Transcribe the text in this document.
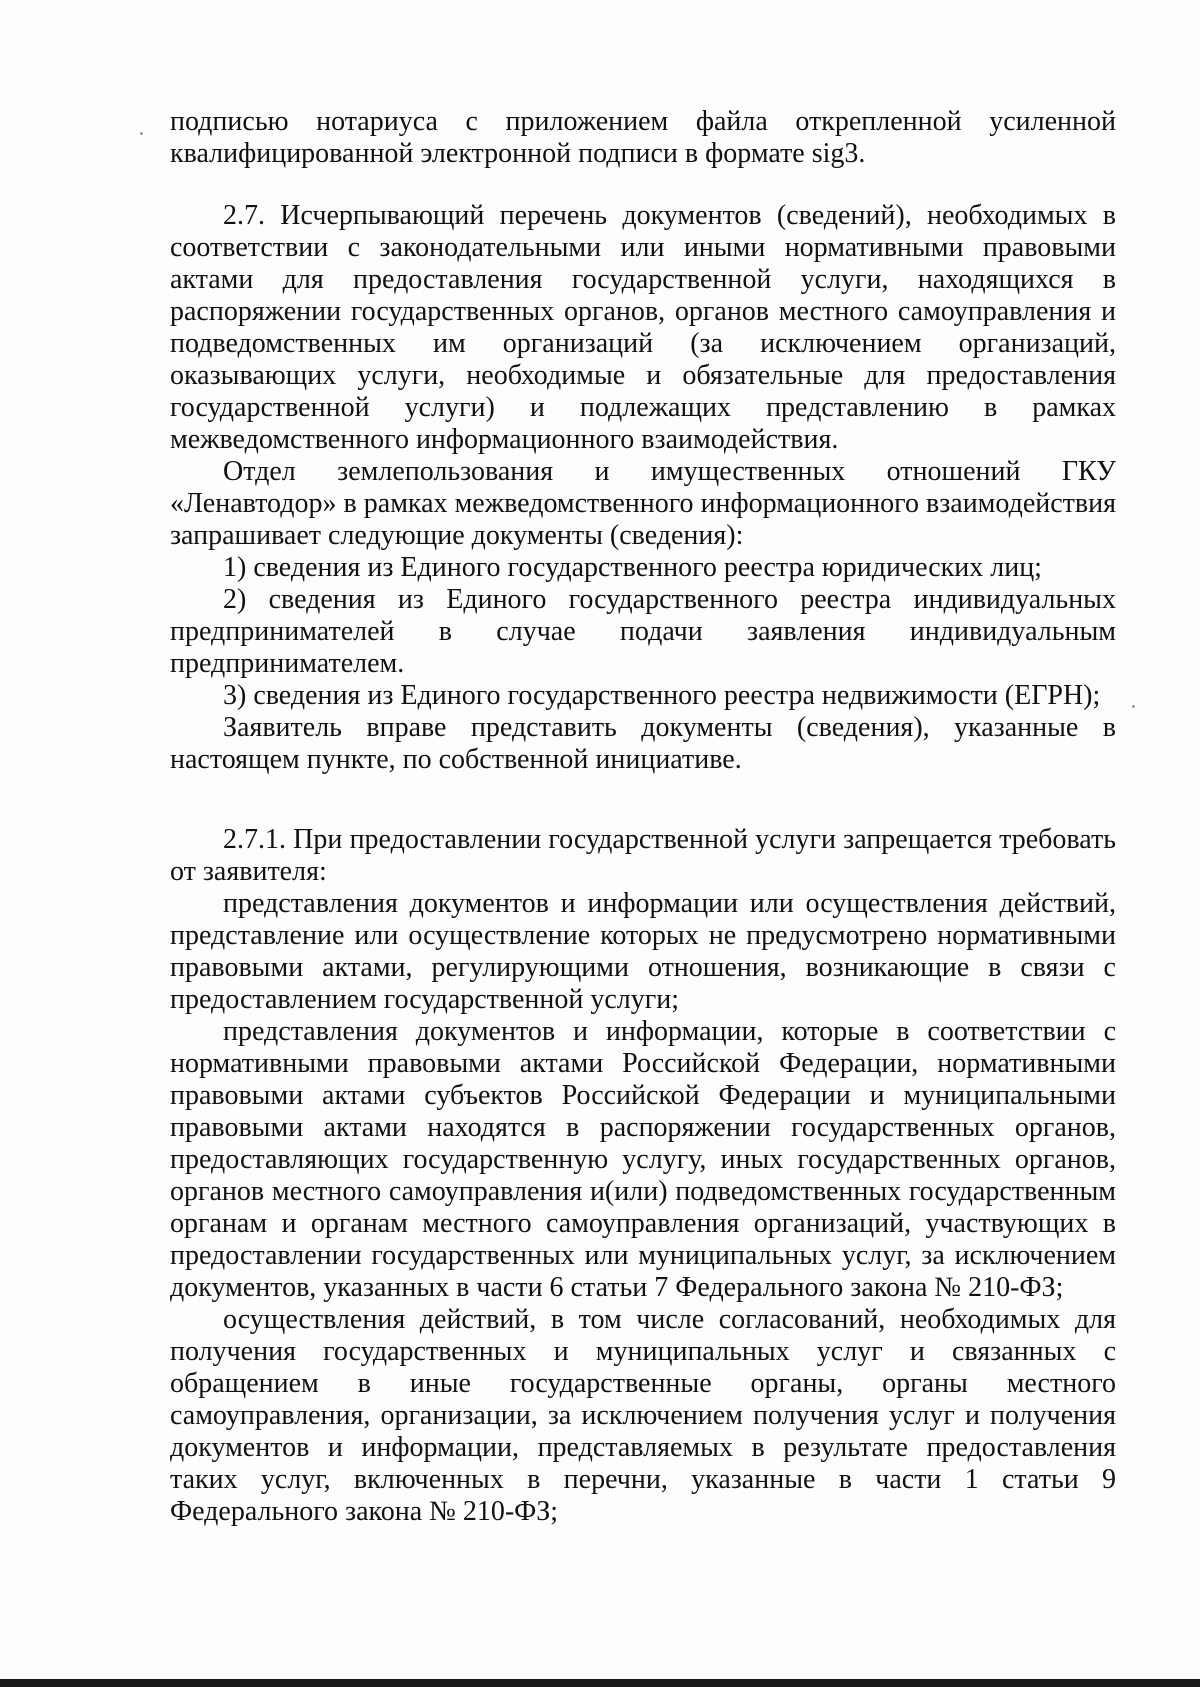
подписью нотариуса с приложением файла открепленной усиленной квалифицированной электронной подписи в формате sig3.

2.7. Исчерпывающий перечень документов (сведений), необходимых в соответствии с законодательными или иными нормативными правовыми актами для предоставления государственной услуги, находящихся в распоряжении государственных органов, органов местного самоуправления и подведомственных им организаций (за исключением организаций, оказывающих услуги, необходимые и обязательные для предоставления государственной услуги) и подлежащих представлению в рамках межведомственного информационного взаимодействия.

Отдел землепользования и имущественных отношений ГКУ «Ленавтодор» в рамках межведомственного информационного взаимодействия запрашивает следующие документы (сведения):

1) сведения из Единого государственного реестра юридических лиц;

2) сведения из Единого государственного реестра индивидуальных предпринимателей в случае подачи заявления индивидуальным предпринимателем.

3) сведения из Единого государственного реестра недвижимости (ЕГРН);

Заявитель вправе представить документы (сведения), указанные в настоящем пункте, по собственной инициативе.

2.7.1. При предоставлении государственной услуги запрещается требовать от заявителя:

представления документов и информации или осуществления действий, представление или осуществление которых не предусмотрено нормативными правовыми актами, регулирующими отношения, возникающие в связи с предоставлением государственной услуги;

представления документов и информации, которые в соответствии с нормативными правовыми актами Российской Федерации, нормативными правовыми актами субъектов Российской Федерации и муниципальными правовыми актами находятся в распоряжении государственных органов, предоставляющих государственную услугу, иных государственных органов, органов местного самоуправления и(или) подведомственных государственным органам и органам местного самоуправления организаций, участвующих в предоставлении государственных или муниципальных услуг, за исключением документов, указанных в части 6 статьи 7 Федерального закона № 210-ФЗ;

осуществления действий, в том числе согласований, необходимых для получения государственных и муниципальных услуг и связанных с обращением в иные государственные органы, органы местного самоуправления, организации, за исключением получения услуг и получения документов и информации, представляемых в результате предоставления таких услуг, включенных в перечни, указанные в части 1 статьи 9 Федерального закона № 210-ФЗ;
